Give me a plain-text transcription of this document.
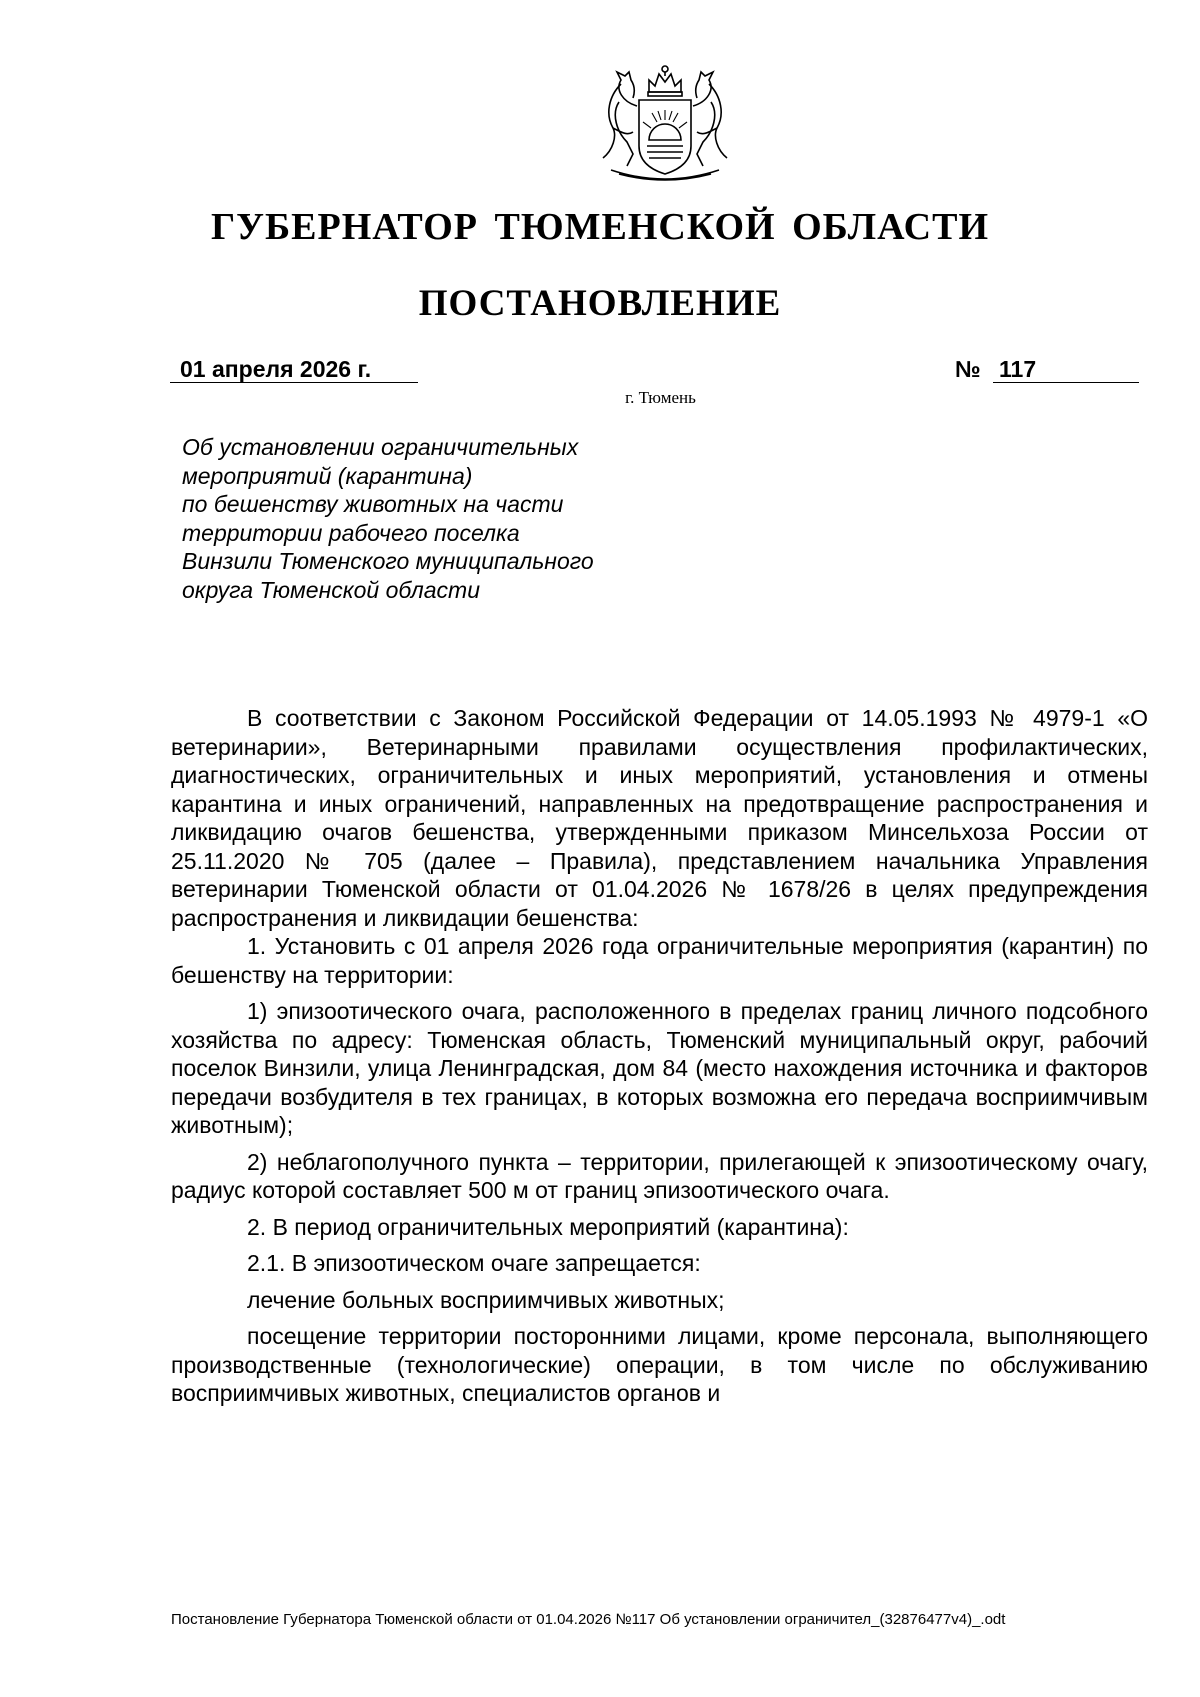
ГУБЕРНАТОР ТЮМЕНСКОЙ ОБЛАСТИ
ПОСТАНОВЛЕНИЕ
01 апреля 2026 г.	№ 117
г. Тюмень
Об установлении ограничительных
мероприятий (карантина)
по бешенству животных на части
территории рабочего поселка
Винзили Тюменского муниципального
округа Тюменской области

В соответствии с Законом Российской Федерации от 14.05.1993 № 4979-1 «О ветеринарии», Ветеринарными правилами осуществления профилактических, диагностических, ограничительных и иных мероприятий, установления и отмены карантина и иных ограничений, направленных на предотвращение распространения и ликвидацию очагов бешенства, утвержденными приказом Минсельхоза России от 25.11.2020 № 705 (далее – Правила), представлением начальника Управления ветеринарии Тюменской области от 01.04.2026 № 1678/26 в целях предупреждения распространения и ликвидации бешенства:

1. Установить с 01 апреля 2026 года ограничительные мероприятия (карантин) по бешенству на территории:

1) эпизоотического очага, расположенного в пределах границ личного подсобного хозяйства по адресу: Тюменская область, Тюменский муниципальный округ, рабочий поселок Винзили, улица Ленинградская, дом 84 (место нахождения источника и факторов передачи возбудителя в тех границах, в которых возможна его передача восприимчивым животным);

2) неблагополучного пункта – территории, прилегающей к эпизоотическому очагу, радиус которой составляет 500 м от границ эпизоотического очага.

2. В период ограничительных мероприятий (карантина):

2.1. В эпизоотическом очаге запрещается:

лечение больных восприимчивых животных;

посещение территории посторонними лицами, кроме персонала, выполняющего производственные (технологические) операции, в том числе по обслуживанию восприимчивых животных, специалистов органов и

Постановление Губернатора Тюменской области от 01.04.2026 №117 Об установлении ограничител_(32876477v4)_.odt
